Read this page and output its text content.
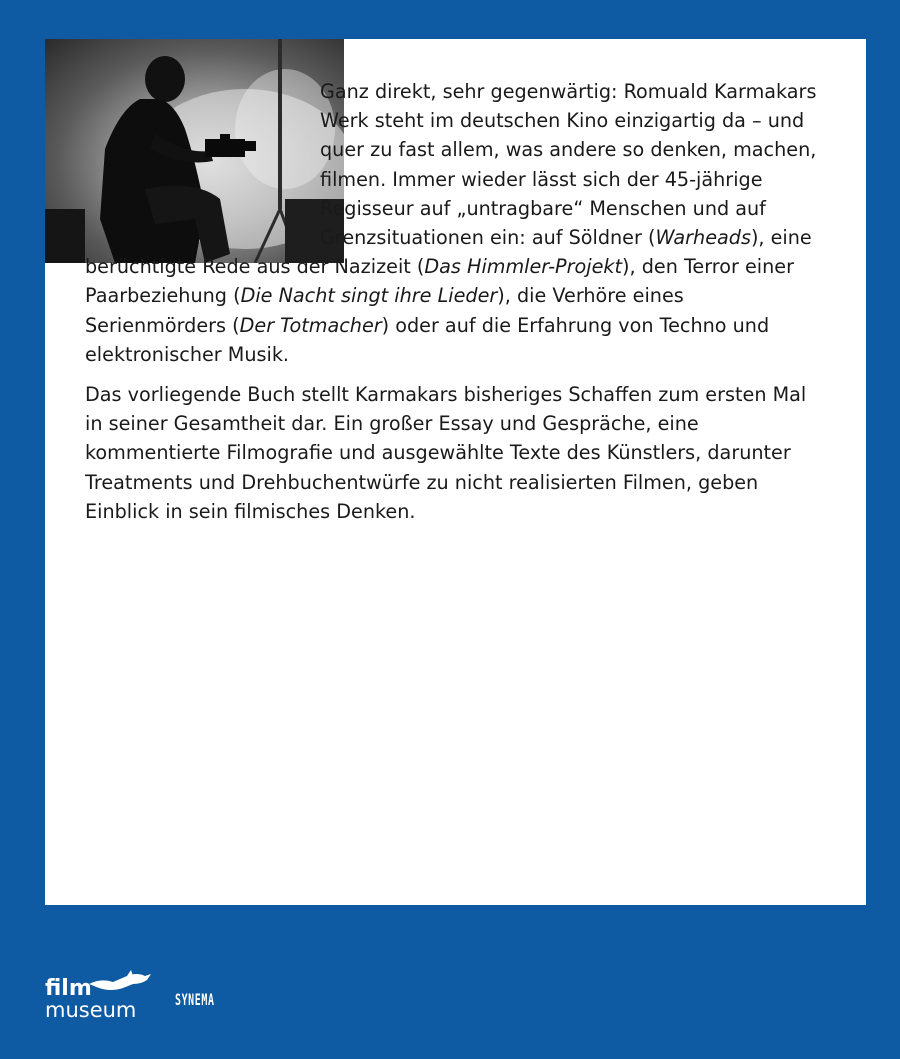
Ganz direkt, sehr gegenwärtig: Romuald Karmakars Werk steht im deutschen Kino einzigartig da – und quer zu fast allem, was andere so denken, machen, filmen. Immer wieder lässt sich der 45-jährige Regisseur auf „untragbare“ Menschen und auf Grenzsituationen ein: auf Söldner (Warheads), eine berüchtigte Rede aus der Nazizeit (Das Himmler-Projekt), den Terror einer Paarbeziehung (Die Nacht singt ihre Lieder), die Verhöre eines Serienmörders (Der Totmacher) oder auf die Erfahrung von Techno und elektronischer Musik.

Das vorliegende Buch stellt Karmakars bisheriges Schaffen zum ersten Mal in seiner Gesamtheit dar. Ein großer Essay und Gespräche, eine kommentierte Filmografie und ausgewählte Texte des Künstlers, darunter Treatments und Drehbuchentwürfe zu nicht realisierten Filmen, geben Einblick in sein filmisches Denken.

FilmmuseumSynemaPublikationen
film
museum SYNEMA
